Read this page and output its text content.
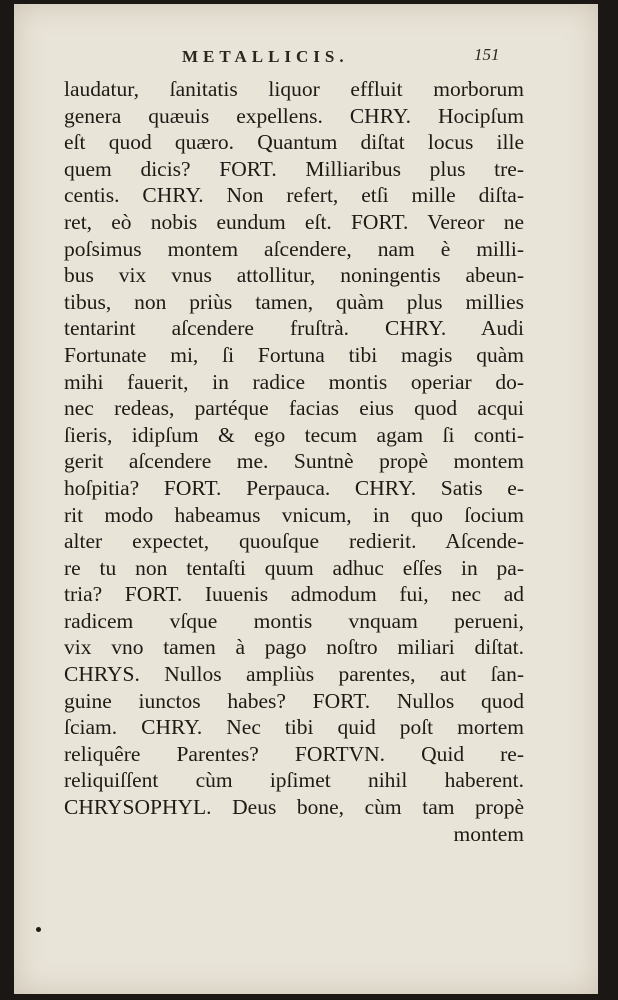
METALLICIS.	151
laudatur, ſanitatis liquor effluit morborum
genera quæuis expellens. CHRY. Hocipſum
eſt quod quæro. Quantum diſtat locus ille
quem dicis? FORT. Milliaribus plus tre-
centis. CHRY. Non refert, etſi mille diſta-
ret, eò nobis eundum eſt. FORT. Vereor ne
poſsimus montem aſcendere, nam è milli-
bus vix vnus attollitur, noningentis abeun-
tibus, non priùs tamen, quàm plus millies
tentarint aſcendere fruſtrà. CHRY. Audi
Fortunate mi, ſi Fortuna tibi magis quàm
mihi fauerit, in radice montis operiar do-
nec redeas, partéque facias eius quod acqui
ſieris, idipſum & ego tecum agam ſi conti-
gerit aſcendere me. Suntnè propè montem
hoſpitia? FORT. Perpauca. CHRY. Satis e-
rit modo habeamus vnicum, in quo ſocium
alter expectet, quouſque redierit. Aſcende-
re tu non tentaſti quum adhuc eſſes in pa-
tria? FORT. Iuuenis admodum fui, nec ad
radicem vſque montis vnquam perueni,
vix vno tamen à pago noſtro miliari diſtat.
CHRYS. Nullos ampliùs parentes, aut ſan-
guine iunctos habes? FORT. Nullos quod
ſciam. CHRY. Nec tibi quid poſt mortem
reliquêre Parentes? FORTVN. Quid re-
reliquiſſent cùm ipſimet nihil haberent.
CHRYSOPHYL. Deus bone, cùm tam propè
montem
